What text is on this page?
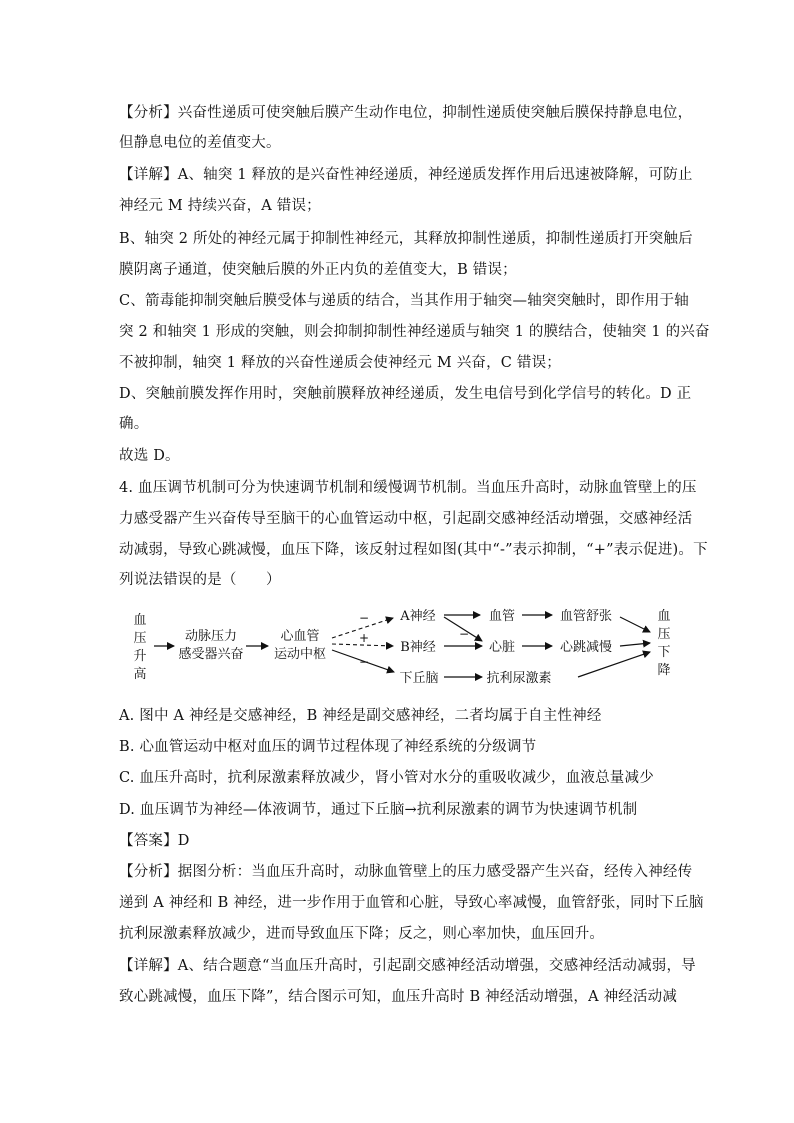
【分析】兴奋性递质可使突触后膜产生动作电位，抑制性递质使突触后膜保持静息电位，
但静息电位的差值变大。
【详解】A、轴突 1 释放的是兴奋性神经递质，神经递质发挥作用后迅速被降解，可防止
神经元 M 持续兴奋，A 错误；
B、轴突 2 所处的神经元属于抑制性神经元，其释放抑制性递质，抑制性递质打开突触后
膜阴离子通道，使突触后膜的外正内负的差值变大，B 错误；
C、箭毒能抑制突触后膜受体与递质的结合，当其作用于轴突—轴突突触时，即作用于轴
突 2 和轴突 1 形成的突触，则会抑制抑制性神经递质与轴突 1 的膜结合，使轴突 1 的兴奋
不被抑制，轴突 1 释放的兴奋性递质会使神经元 M 兴奋，C 错误；
D、突触前膜发挥作用时，突触前膜释放神经递质，发生电信号到化学信号的转化。D 正
确。
故选 D。
4. 血压调节机制可分为快速调节机制和缓慢调节机制。当血压升高时，动脉血管壁上的压
力感受器产生兴奋传导至脑干的心血管运动中枢，引起副交感神经活动增强，交感神经活
动减弱，导致心跳减慢，血压下降，该反射过程如图(其中“-”表示抑制，“+”表示促进)。下
列说法错误的是（　　）
血
压
升
高
动脉压力
感受器兴奋
心血管
运动中枢
−
+
−
A神经
B神经
下丘脑
−
血管
心脏
抗利尿激素
血管舒张
心跳减慢
血
压
下
降
A. 图中 A 神经是交感神经，B 神经是副交感神经，二者均属于自主性神经
B. 心血管运动中枢对血压的调节过程体现了神经系统的分级调节
C. 血压升高时，抗利尿激素释放减少，肾小管对水分的重吸收减少，血液总量减少
D. 血压调节为神经—体液调节，通过下丘脑→抗利尿激素的调节为快速调节机制
【答案】D
【分析】据图分析：当血压升高时，动脉血管壁上的压力感受器产生兴奋，经传入神经传
递到 A 神经和 B 神经，进一步作用于血管和心脏，导致心率减慢，血管舒张，同时下丘脑
抗利尿激素释放减少，进而导致血压下降；反之，则心率加快，血压回升。
【详解】A、结合题意“当血压升高时，引起副交感神经活动增强，交感神经活动减弱，导
致心跳减慢，血压下降”，结合图示可知，血压升高时 B 神经活动增强，A 神经活动减
